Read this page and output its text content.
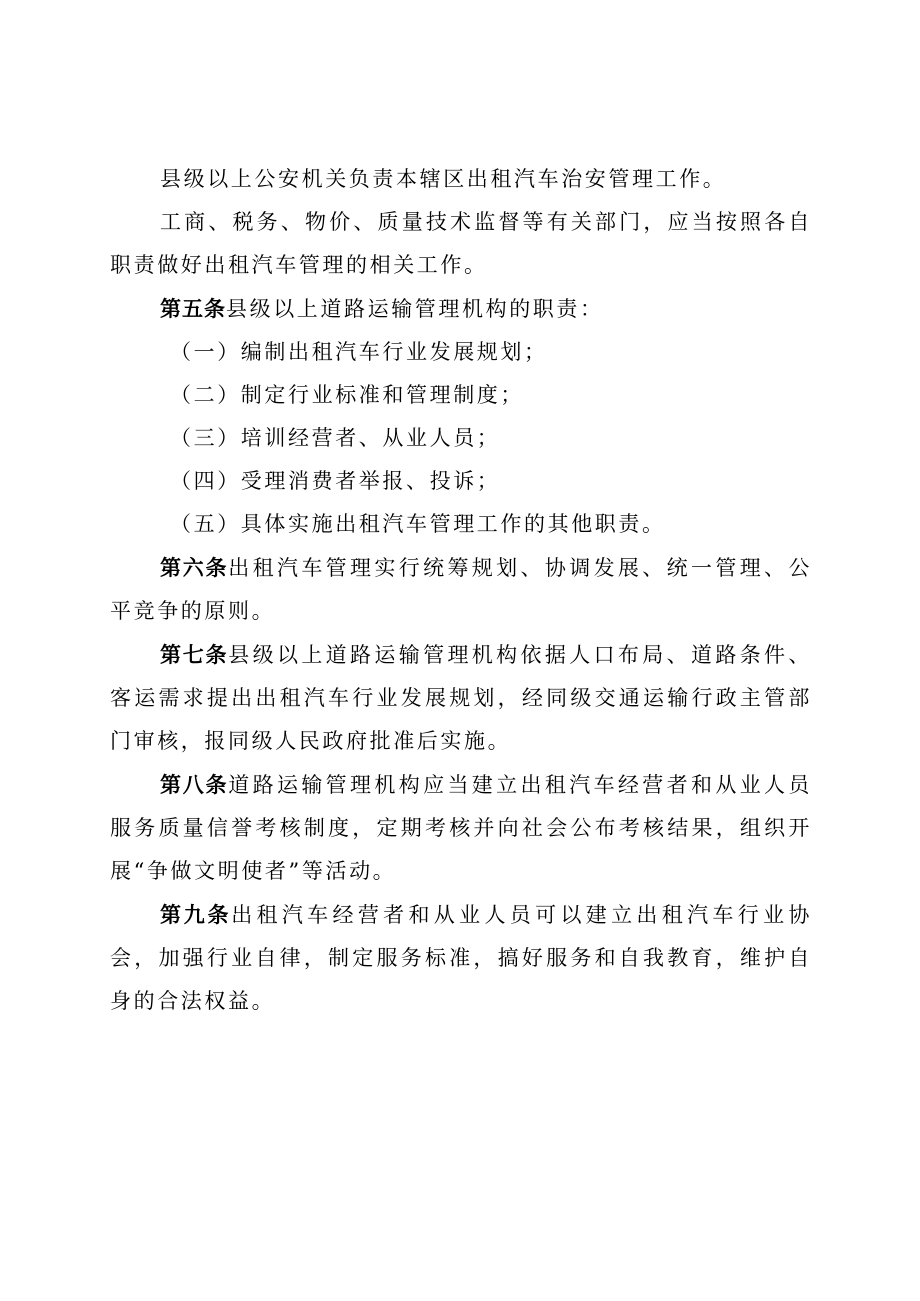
县级以上公安机关负责本辖区出租汽车治安管理工作。

工商、税务、物价、质量技术监督等有关部门，应当按照各自职责做好出租汽车管理的相关工作。

第五条县级以上道路运输管理机构的职责：

（一）编制出租汽车行业发展规划；

（二）制定行业标准和管理制度；

（三）培训经营者、从业人员；

（四）受理消费者举报、投诉；

（五）具体实施出租汽车管理工作的其他职责。

第六条出租汽车管理实行统筹规划、协调发展、统一管理、公平竞争的原则。

第七条县级以上道路运输管理机构依据人口布局、道路条件、客运需求提出出租汽车行业发展规划，经同级交通运输行政主管部门审核，报同级人民政府批准后实施。

第八条道路运输管理机构应当建立出租汽车经营者和从业人员服务质量信誉考核制度，定期考核并向社会公布考核结果，组织开展“争做文明使者”等活动。

第九条出租汽车经营者和从业人员可以建立出租汽车行业协会，加强行业自律，制定服务标准，搞好服务和自我教育，维护自身的合法权益。
